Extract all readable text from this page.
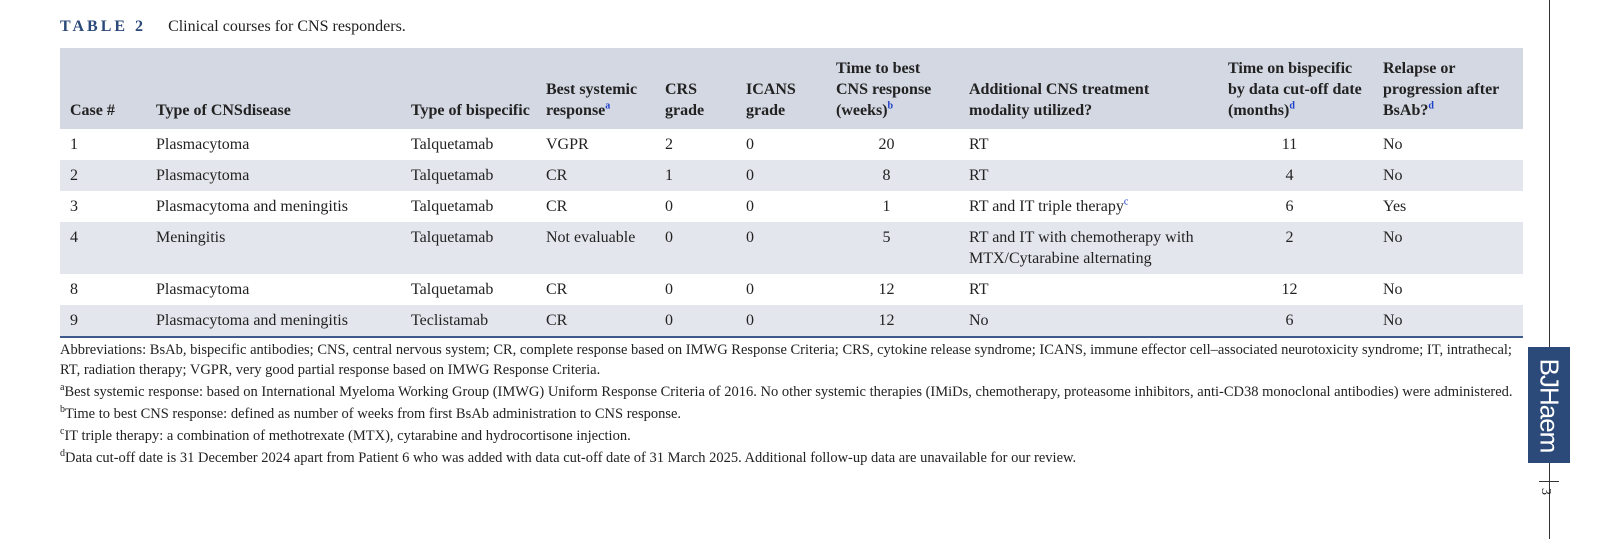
TABLE 2 Clinical courses for CNS responders.
Case #	Type of CNSdisease	Type of bispecific	Best systemic response$^a$	CRS grade	ICANS grade	Time to best CNS response (weeks)$^b$	Additional CNS treatment modality utilized?	Time on bispecific by data cut-off date (months)$^d$	Relapse or progression after BsAb?$^d$
1	Plasmacytoma	Talquetamab	VGPR	2	0	20	RT	11	No
2	Plasmacytoma	Talquetamab	CR	1	0	8	RT	4	No
3	Plasmacytoma and meningitis	Talquetamab	CR	0	0	1	RT and IT triple therapy$^c$	6	Yes
4	Meningitis	Talquetamab	Not evaluable	0	0	5	RT and IT with chemotherapy with MTX/Cytarabine alternating	2	No
8	Plasmacytoma	Talquetamab	CR	0	0	12	RT	12	No
9	Plasmacytoma and meningitis	Teclistamab	CR	0	0	12	No	6	No

Abbreviations: BsAb, bispecific antibodies; CNS, central nervous system; CR, complete response based on IMWG Response Criteria; CRS, cytokine release syndrome; ICANS, immune effector cell–associated neurotoxicity syndrome; IT, intrathecal; RT, radiation therapy; VGPR, very good partial response based on IMWG Response Criteria.

$^a$Best systemic response: based on International Myeloma Working Group (IMWG) Uniform Response Criteria of 2016. No other systemic therapies (IMiDs, chemotherapy, proteasome inhibitors, anti-CD38 monoclonal antibodies) were administered.

$^b$Time to best CNS response: defined as number of weeks from first BsAb administration to CNS response.

$^c$IT triple therapy: a combination of methotrexate (MTX), cytarabine and hydrocortisone injection.

$^d$Data cut-off date is 31 December 2024 apart from Patient 6 who was added with data cut-off date of 31 March 2025. Additional follow-up data are unavailable for our review.

3
BJHaem
